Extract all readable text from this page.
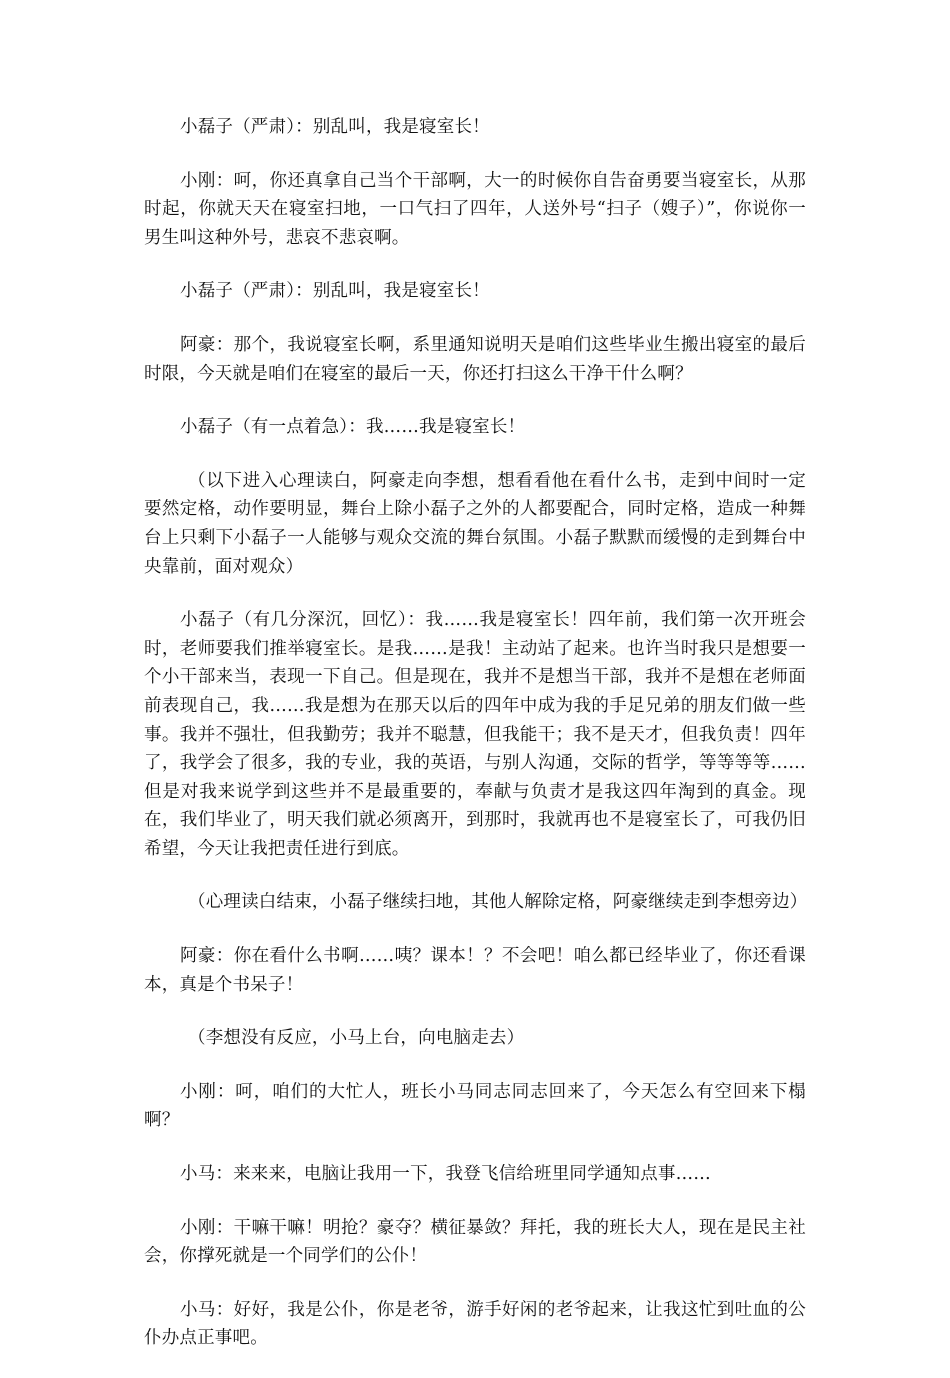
小磊子（严肃）：别乱叫，我是寝室长！

小刚：呵，你还真拿自己当个干部啊，大一的时候你自告奋勇要当寝室长，从那时起，你就天天在寝室扫地，一口气扫了四年，人送外号“扫子（嫂子）”，你说你一男生叫这种外号，悲哀不悲哀啊。

小磊子（严肃）：别乱叫，我是寝室长！

阿豪：那个，我说寝室长啊，系里通知说明天是咱们这些毕业生搬出寝室的最后时限，今天就是咱们在寝室的最后一天，你还打扫这么干净干什么啊？

小磊子（有一点着急）：我……我是寝室长！

（以下进入心理读白，阿豪走向李想，想看看他在看什么书，走到中间时一定要然定格，动作要明显，舞台上除小磊子之外的人都要配合，同时定格，造成一种舞台上只剩下小磊子一人能够与观众交流的舞台氛围。小磊子默默而缓慢的走到舞台中央靠前，面对观众）

小磊子（有几分深沉，回忆）：我……我是寝室长！四年前，我们第一次开班会时，老师要我们推举寝室长。是我……是我！主动站了起来。也许当时我只是想要一个小干部来当，表现一下自己。但是现在，我并不是想当干部，我并不是想在老师面前表现自己，我……我是想为在那天以后的四年中成为我的手足兄弟的朋友们做一些事。我并不强壮，但我勤劳；我并不聪慧，但我能干；我不是天才，但我负责！四年了，我学会了很多，我的专业，我的英语，与别人沟通，交际的哲学，等等等等……但是对我来说学到这些并不是最重要的，奉献与负责才是我这四年淘到的真金。现在，我们毕业了，明天我们就必须离开，到那时，我就再也不是寝室长了，可我仍旧希望，今天让我把责任进行到底。

（心理读白结束，小磊子继续扫地，其他人解除定格，阿豪继续走到李想旁边）

阿豪：你在看什么书啊……咦？课本！？不会吧！咱么都已经毕业了，你还看课本，真是个书呆子！

（李想没有反应，小马上台，向电脑走去）

小刚：呵，咱们的大忙人，班长小马同志同志回来了，今天怎么有空回来下榻啊？

小马：来来来，电脑让我用一下，我登飞信给班里同学通知点事……

小刚：干嘛干嘛！明抢？豪夺？横征暴敛？拜托，我的班长大人，现在是民主社会，你撑死就是一个同学们的公仆！

小马：好好，我是公仆，你是老爷，游手好闲的老爷起来，让我这忙到吐血的公仆办点正事吧。
